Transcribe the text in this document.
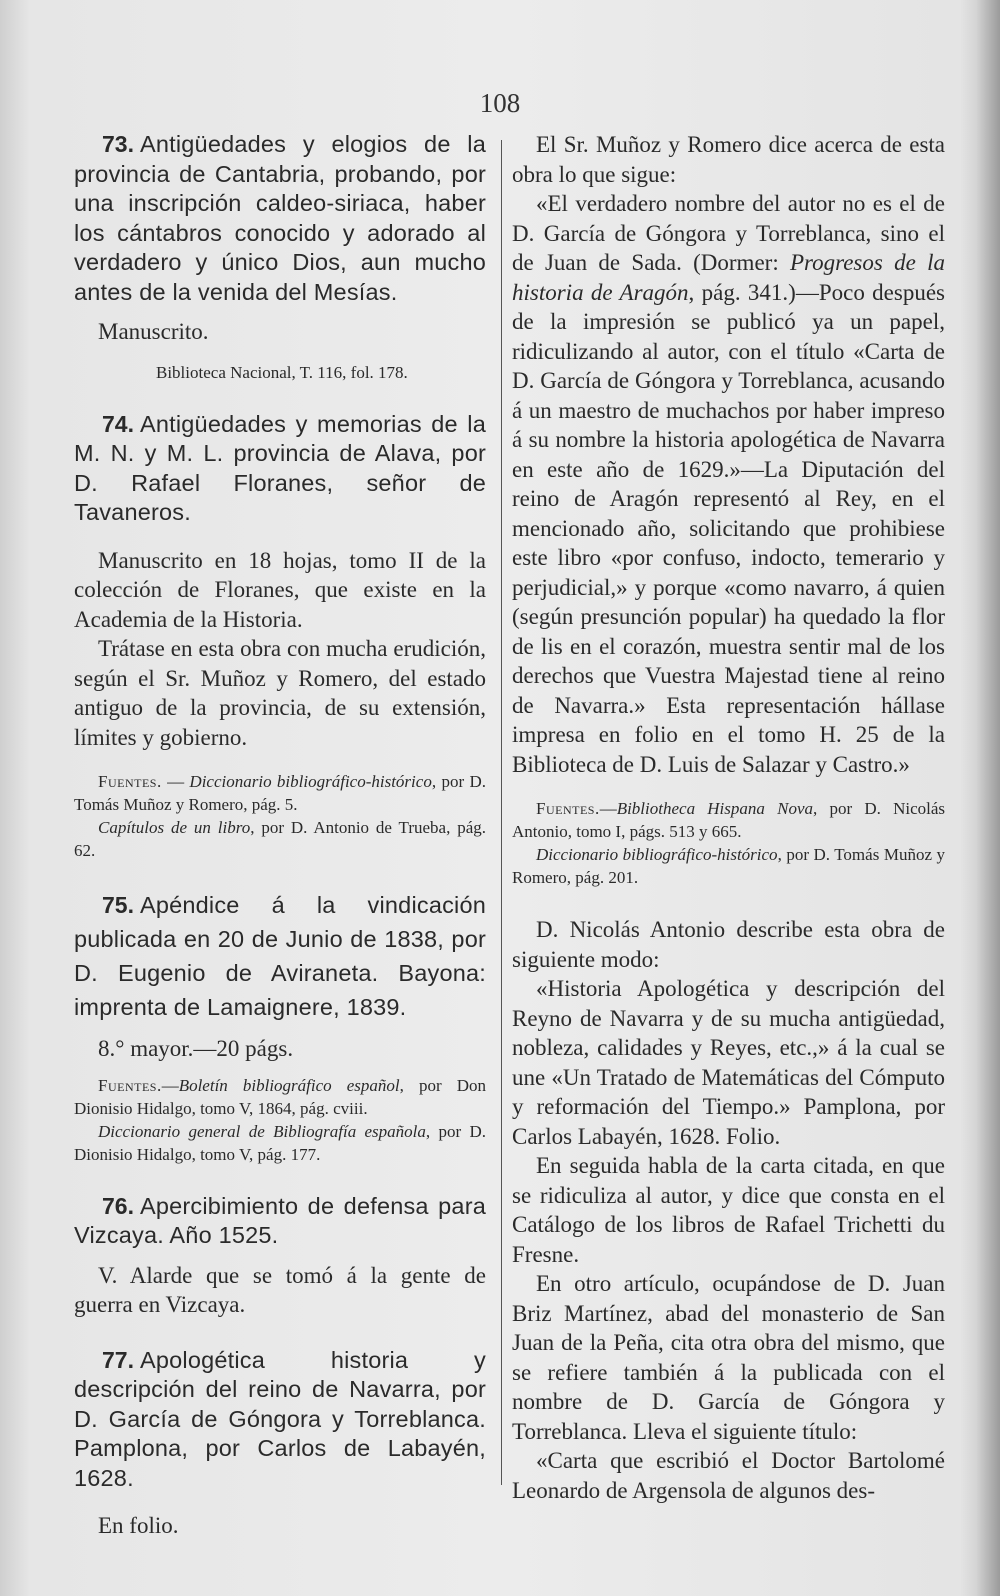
108

73. Antigüedades y elogios de la provincia de Cantabria, probando, por una inscripción caldeo-siriaca, haber los cántabros conocido y adorado al verdadero y único Dios, aun mucho antes de la venida del Mesías.

Manuscrito.

Biblioteca Nacional, T. 116, fol. 178.

74. Antigüedades y memorias de la M. N. y M. L. provincia de Alava, por D. Rafael Floranes, señor de Tavaneros.

Manuscrito en 18 hojas, tomo II de la colección de Floranes, que existe en la Academia de la Historia.

Trátase en esta obra con mucha erudición, según el Sr. Muñoz y Romero, del estado antiguo de la provincia, de su extensión, límites y gobierno.

Fuentes. — Diccionario bibliográfico-histórico, por D. Tomás Muñoz y Romero, pág. 5.

Capítulos de un libro, por D. Antonio de Trueba, pág. 62.

75. Apéndice á la vindicación publicada en 20 de Junio de 1838, por D. Eugenio de Aviraneta. Bayona: imprenta de Lamaignere, 1839.

8.° mayor.—20 págs.

Fuentes.—Boletín bibliográfico español, por Don Dionisio Hidalgo, tomo V, 1864, pág. cviii.

Diccionario general de Bibliografía española, por D. Dionisio Hidalgo, tomo V, pág. 177.

76. Apercibimiento de defensa para Vizcaya. Año 1525.

V. Alarde que se tomó á la gente de guerra en Vizcaya.

77. Apologética historia y descripción del reino de Navarra, por D. García de Góngora y Torreblanca. Pamplona, por Carlos de Labayén, 1628.

En folio.

El Sr. Muñoz y Romero dice acerca de esta obra lo que sigue:

«El verdadero nombre del autor no es el de D. García de Góngora y Torreblanca, sino el de Juan de Sada. (Dormer: Progresos de la historia de Aragón, pág. 341.)—Poco después de la impresión se publicó ya un papel, ridiculizando al autor, con el título «Carta de D. García de Góngora y Torreblanca, acusando á un maestro de muchachos por haber impreso á su nombre la historia apologética de Navarra en este año de 1629.»—La Diputación del reino de Aragón representó al Rey, en el mencionado año, solicitando que prohibiese este libro «por confuso, indocto, temerario y perjudicial,» y porque «como navarro, á quien (según presunción popular) ha quedado la flor de lis en el corazón, muestra sentir mal de los derechos que Vuestra Majestad tiene al reino de Navarra.» Esta representación hállase impresa en folio en el tomo H. 25 de la Biblioteca de D. Luis de Salazar y Castro.»

Fuentes.—Bibliotheca Hispana Nova, por D. Nicolás Antonio, tomo I, págs. 513 y 665.

Diccionario bibliográfico-histórico, por D. Tomás Muñoz y Romero, pág. 201.

D. Nicolás Antonio describe esta obra de siguiente modo:

«Historia Apologética y descripción del Reyno de Navarra y de su mucha antigüedad, nobleza, calidades y Reyes, etc.,» á la cual se une «Un Tratado de Matemáticas del Cómputo y reformación del Tiempo.» Pamplona, por Carlos Labayén, 1628. Folio.

En seguida habla de la carta citada, en que se ridiculiza al autor, y dice que consta en el Catálogo de los libros de Rafael Trichetti du Fresne.

En otro artículo, ocupándose de D. Juan Briz Martínez, abad del monasterio de San Juan de la Peña, cita otra obra del mismo, que se refiere también á la publicada con el nombre de D. García de Góngora y Torreblanca. Lleva el siguiente título:

«Carta que escribió el Doctor Bartolomé Leonardo de Argensola de algunos des-
